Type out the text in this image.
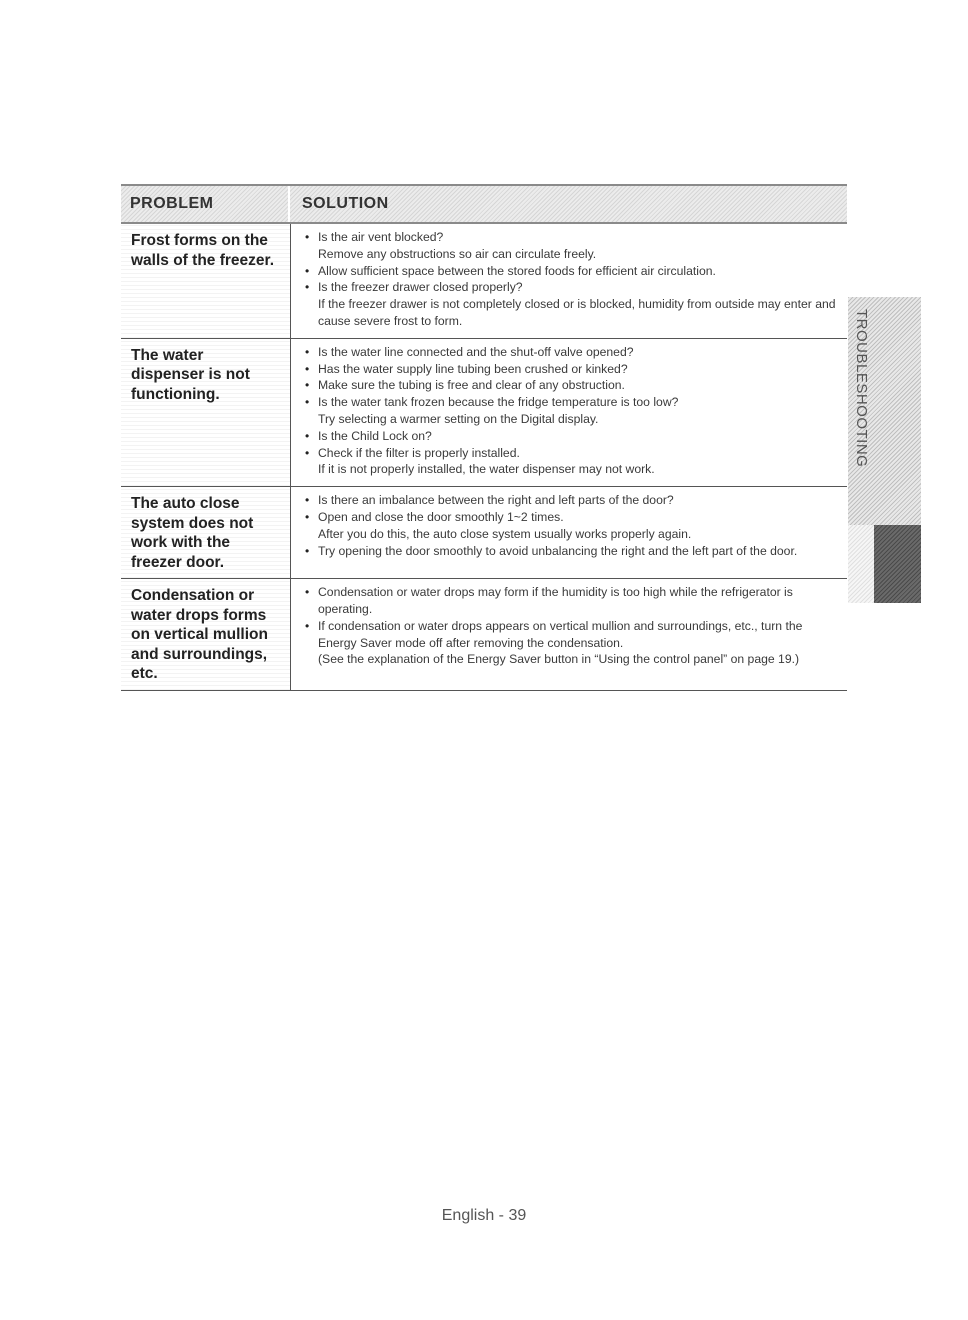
PROBLEM	SOLUTION
Frost forms on the walls of the freezer.
• Is the air vent blocked?
Remove any obstructions so air can circulate freely.
• Allow sufficient space between the stored foods for efficient air circulation.
• Is the freezer drawer closed properly?
If the freezer drawer is not completely closed or is blocked, humidity from outside may enter and cause severe frost to form.
The water dispenser is not functioning.
• Is the water line connected and the shut-off valve opened?
• Has the water supply line tubing been crushed or kinked?
• Make sure the tubing is free and clear of any obstruction.
• Is the water tank frozen because the fridge temperature is too low?
Try selecting a warmer setting on the Digital display.
• Is the Child Lock on?
• Check if the filter is properly installed.
If it is not properly installed, the water dispenser may not work.
The auto close system does not work with the freezer door.
• Is there an imbalance between the right and left parts of the door?
• Open and close the door smoothly 1~2 times.
After you do this, the auto close system usually works properly again.
• Try opening the door smoothly to avoid unbalancing the right and the left part of the door.
Condensation or water drops forms on vertical mullion and surroundings, etc.
• Condensation or water drops may form if the humidity is too high while the refrigerator is operating.
• If condensation or water drops appears on vertical mullion and surroundings, etc., turn the Energy Saver mode off after removing the condensation.
(See the explanation of the Energy Saver button in “Using the control panel” on page 19.)
TROUBLESHOOTING
English - 39
